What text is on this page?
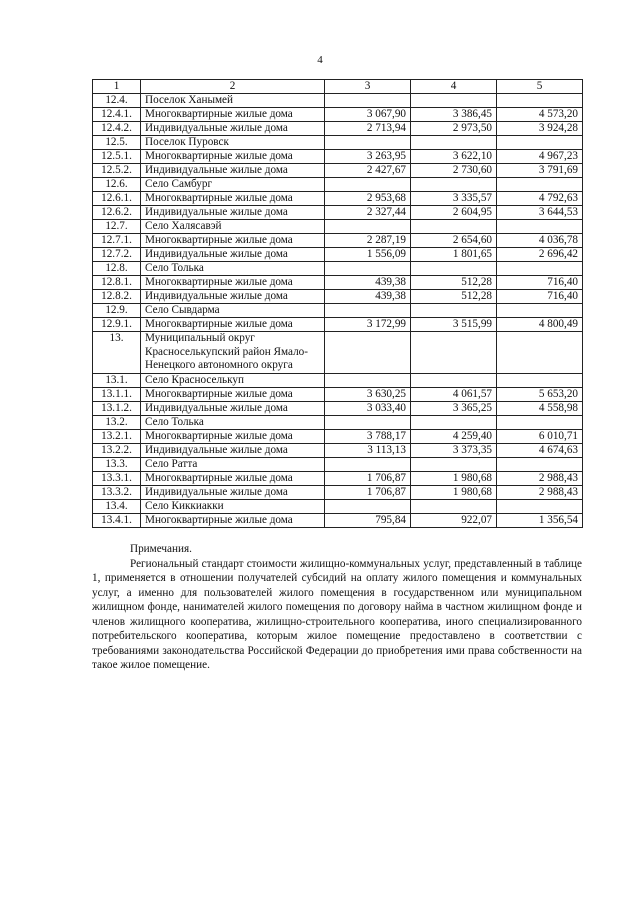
4
1	2	3	4	5
12.4.	Поселок Ханымей			
12.4.1.	Многоквартирные жилые дома	3 067,90	3 386,45	4 573,20
12.4.2.	Индивидуальные жилые дома	2 713,94	2 973,50	3 924,28
12.5.	Поселок Пуровск			
12.5.1.	Многоквартирные жилые дома	3 263,95	3 622,10	4 967,23
12.5.2.	Индивидуальные жилые дома	2 427,67	2 730,60	3 791,69
12.6.	Село Самбург			
12.6.1.	Многоквартирные жилые дома	2 953,68	3 335,57	4 792,63
12.6.2.	Индивидуальные жилые дома	2 327,44	2 604,95	3 644,53
12.7.	Село Халясавэй			
12.7.1.	Многоквартирные жилые дома	2 287,19	2 654,60	4 036,78
12.7.2.	Индивидуальные жилые дома	1 556,09	1 801,65	2 696,42
12.8.	Село Толька			
12.8.1.	Многоквартирные жилые дома	439,38	512,28	716,40
12.8.2.	Индивидуальные жилые дома	439,38	512,28	716,40
12.9.	Село Сывдарма			
12.9.1.	Многоквартирные жилые дома	3 172,99	3 515,99	4 800,49
13.	Муниципальный округ Красноселькупский район Ямало-Ненецкого автономного округа			
13.1.	Село Красноселькуп			
13.1.1.	Многоквартирные жилые дома	3 630,25	4 061,57	5 653,20
13.1.2.	Индивидуальные жилые дома	3 033,40	3 365,25	4 558,98
13.2.	Село Толька			
13.2.1.	Многоквартирные жилые дома	3 788,17	4 259,40	6 010,71
13.2.2.	Индивидуальные жилые дома	3 113,13	3 373,35	4 674,63
13.3.	Село Ратта			
13.3.1.	Многоквартирные жилые дома	1 706,87	1 980,68	2 988,43
13.3.2.	Индивидуальные жилые дома	1 706,87	1 980,68	2 988,43
13.4.	Село Киккиакки			
13.4.1.	Многоквартирные жилые дома	795,84	922,07	1 356,54
Примечания.
Региональный стандарт стоимости жилищно-коммунальных услуг, представленный в таблице 1, применяется в отношении получателей субсидий на оплату жилого помещения и коммунальных услуг, а именно для пользователей жилого помещения в государственном или муниципальном жилищном фонде, нанимателей жилого помещения по договору найма в частном жилищном фонде и членов жилищного кооператива, жилищно-строительного кооператива, иного специализированного потребительского кооператива, которым жилое помещение предоставлено в соответствии с требованиями законодательства Российской Федерации до приобретения ими права собственности на такое жилое помещение.
